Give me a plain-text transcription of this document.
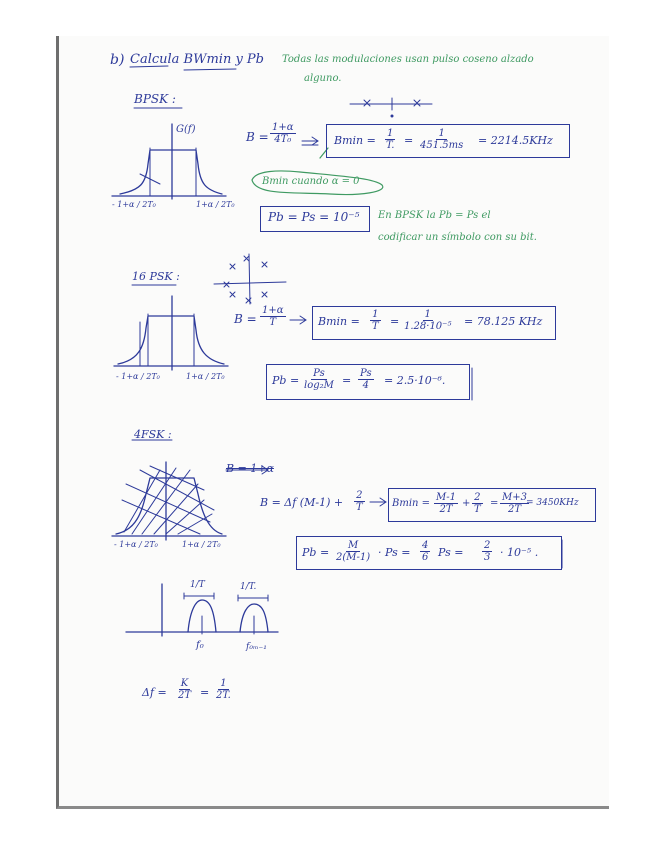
b) Calcula BWmin y Pb Todas las modulaciones usan pulso coseno alzado
alguno.
BPSK :
G(f)
- 1+α / 2T₀	1+α / 2T₀
$B = \frac{1+\alpha}{\text{4T₀}}$	$Bmin = \frac{1}{T.} = \frac{1}{451.5ms} = 2214.5KHz$
Bmin cuando α = 0
Pb = Ps = 10⁻⁵ En BPSK la Pb = Ps el
codificar un símbolo con su bit.
16 PSK :
- 1+α / 2T₀	1+α / 2T₀
$B = \frac{1+\alpha}{T}$	$Bmin = \frac{1}{T} = \frac{1}{\text{1.28·10⁻⁵}} = 78.125$ KHz
$Pb = \frac{Ps}{\text{log₂M}} = \frac{Ps}{4} = 2.5\cdot 10^{-6}$.
4FSK :
B = 1+α
- 1+α / 2T₀	1+α / 2T₀
B = Δf $(M-1) + \frac{2}{T}$	$Bmin = \frac{M-1}{2T} + \frac{2}{T} = \frac{M+3}{2T}$
= 3450KHz
$Pb = \frac{M}{2(M-1)} \cdot Ps = \frac{4}{6}$ $Ps = \frac{2}{3} \cdot 10^{-5}$ .
1/T	1/T.
f₀	f₀ₘ₋₁
$\Delta f = \frac{K}{2T} = \frac{1}{2T.}$
